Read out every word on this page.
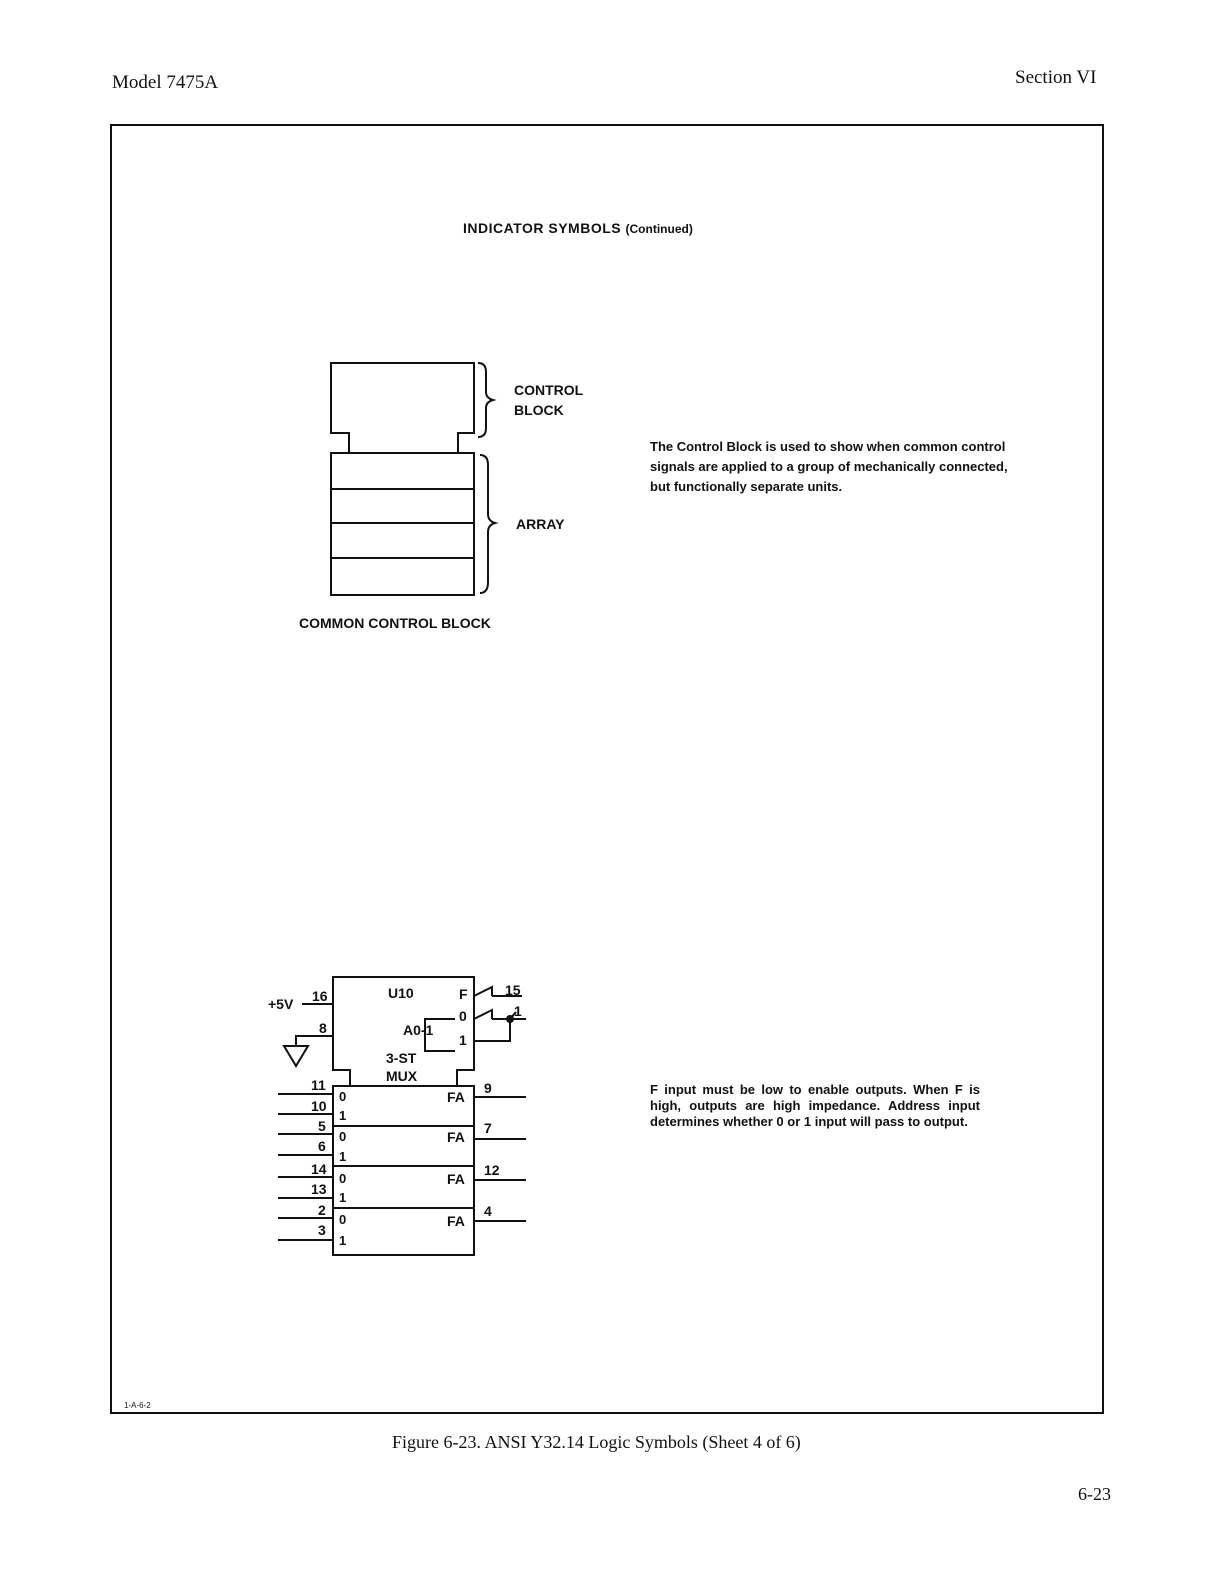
Model 7475A	Section VI
INDICATOR SYMBOLS (Continued)
CONTROL
BLOCK
ARRAY
COMMON CONTROL BLOCK
U10
+5V 16
8	A0-1
3-ST
MUX
F
0
1
15
1
11
0
10
1
5
0
6
1
14
0
13
1
2
0
3
1
FA
9
FA
7
FA
12
FA
4
The Control Block is used to show when common control signals are applied to a group of mechanically connected, but functionally separate units.
F input must be low to enable outputs. When F is high, outputs are high impedance. Address input determines whether 0 or 1 input will pass to output.
1-A-6-2
Figure 6-23. ANSI Y32.14 Logic Symbols (Sheet 4 of 6)
6-23
